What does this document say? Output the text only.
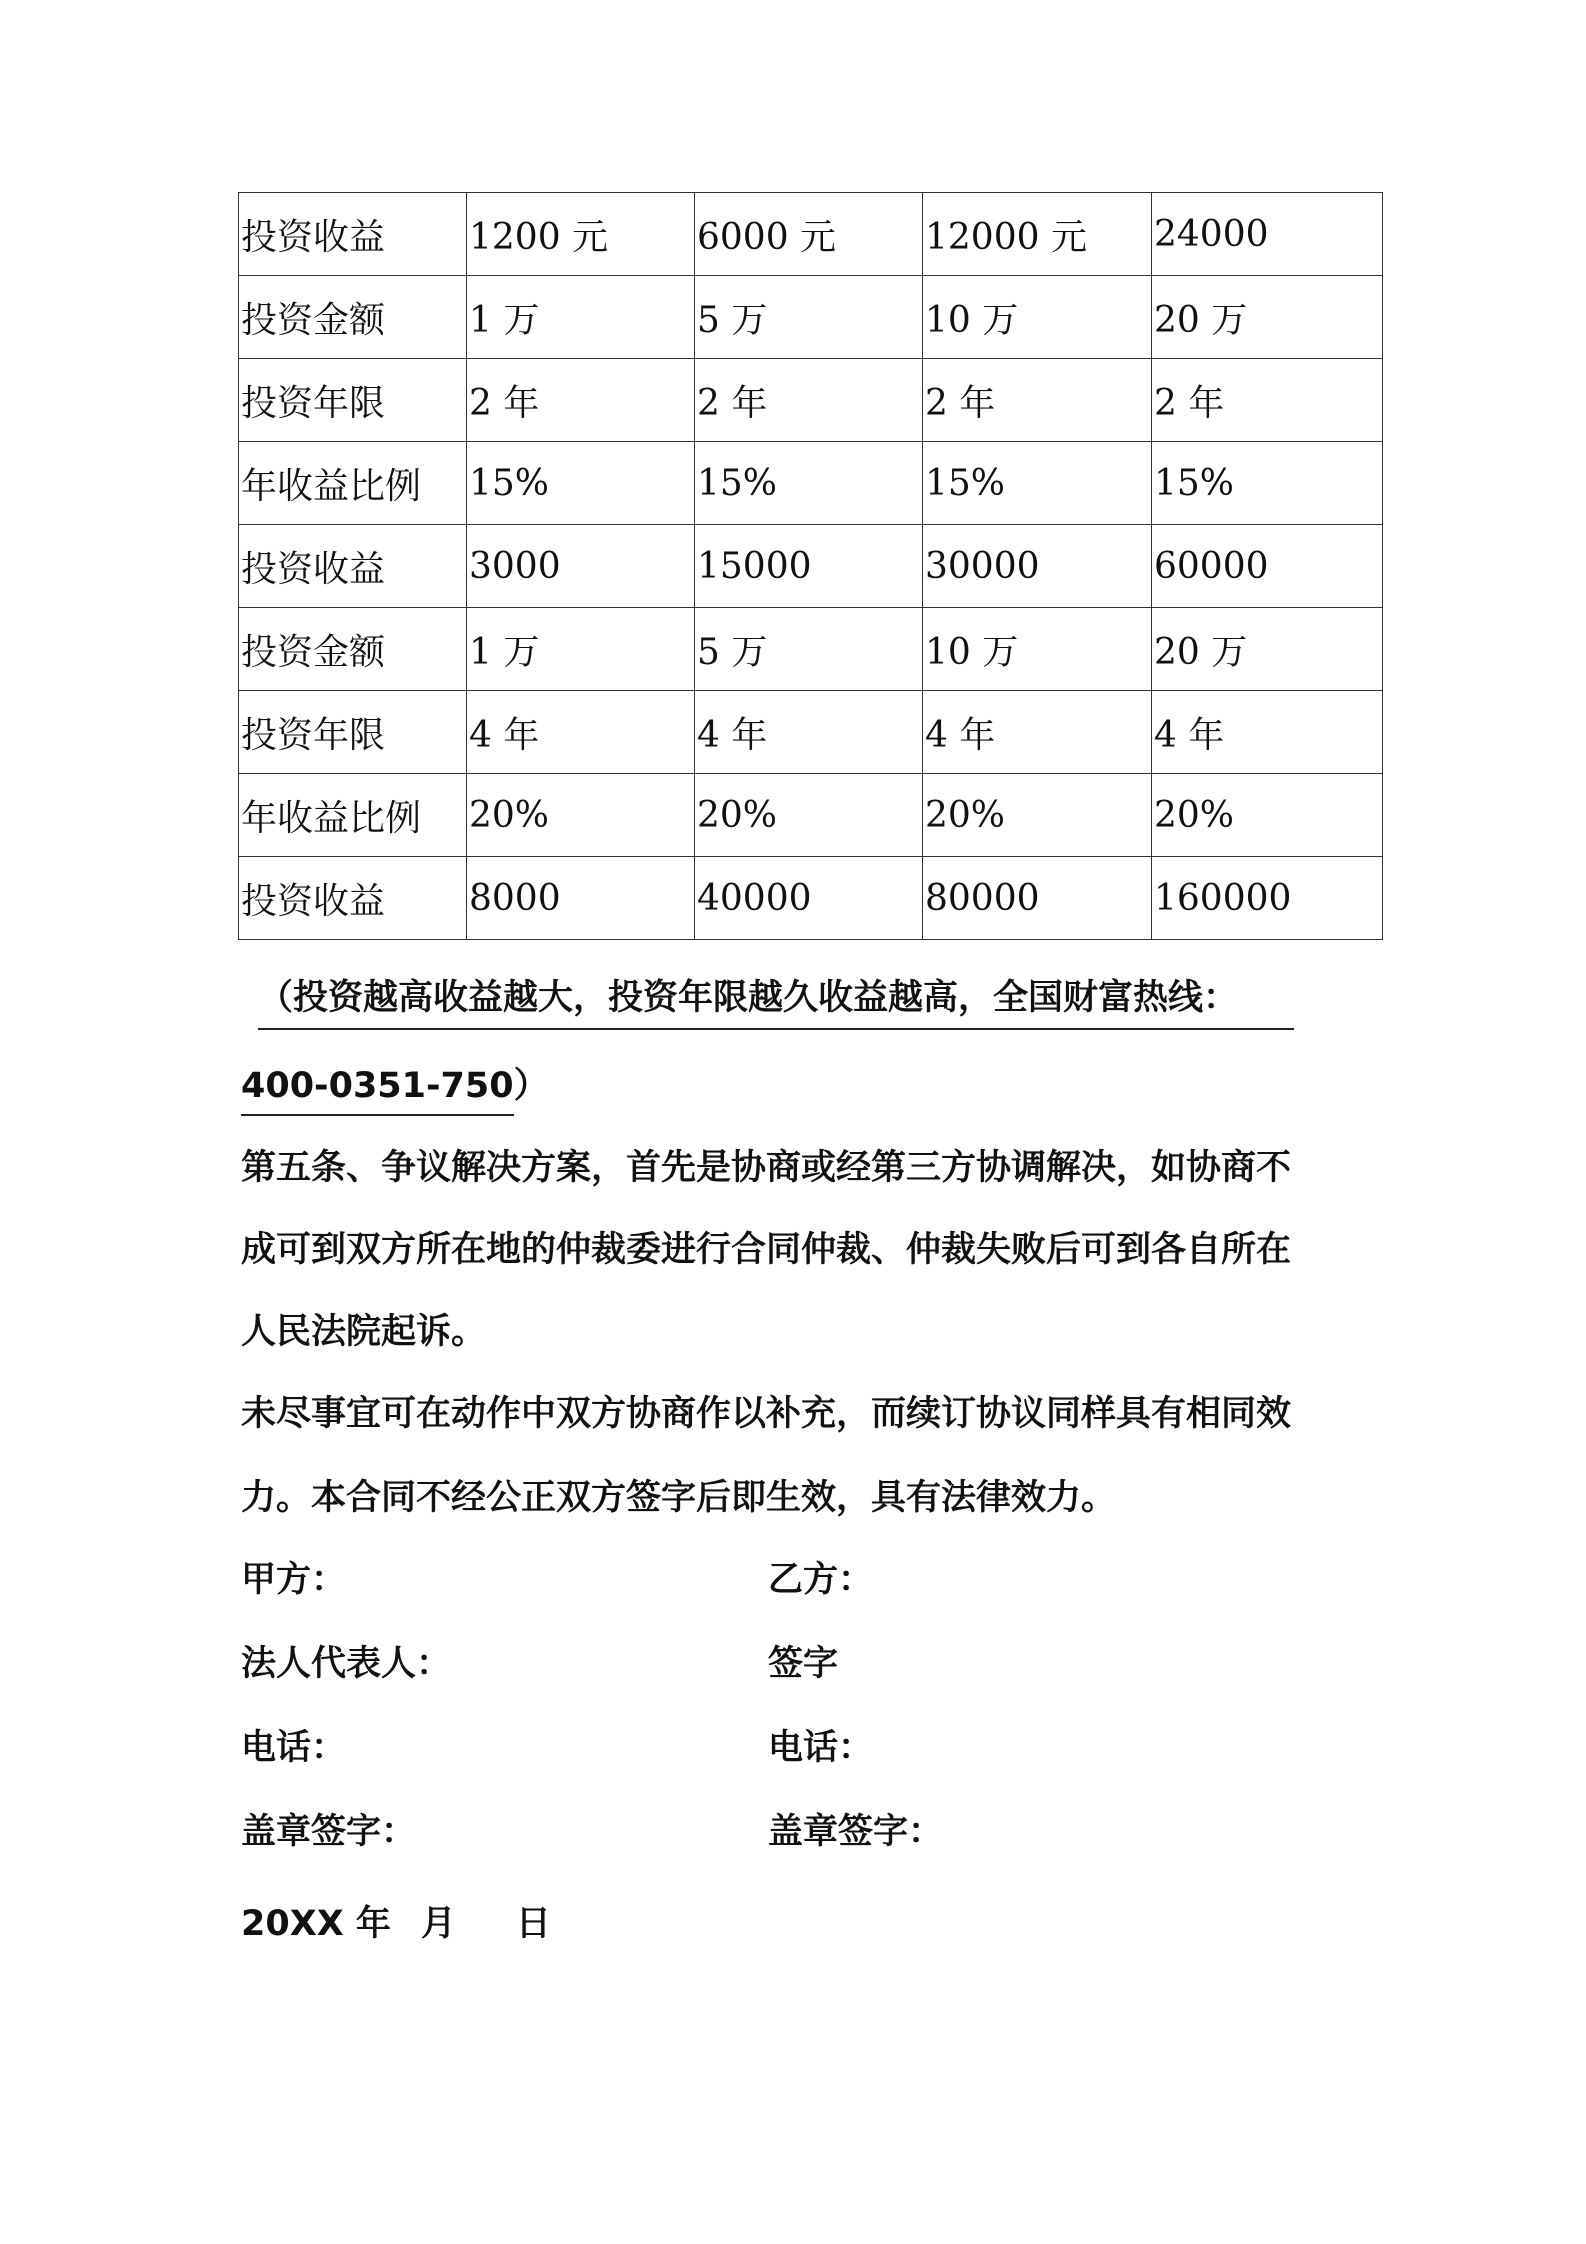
投资收益	1200 元	6000 元	12000 元	24000
投资金额	1 万	5 万	10 万	20 万
投资年限	2 年	2 年	2 年	2 年
年收益比例	15%	15%	15%	15%
投资收益	3000	15000	30000	60000
投资金额	1 万	5 万	10 万	20 万
投资年限	4 年	4 年	4 年	4 年
年收益比例	20%	20%	20%	20%
投资收益	8000	40000	80000	160000
（投资越高收益越大，投资年限越久收益越高，全国财富热线：
400-0351-750）
第五条、争议解决方案，首先是协商或经第三方协调解决，如协商不
成可到双方所在地的仲裁委进行合同仲裁、仲裁失败后可到各自所在
人民法院起诉。
未尽事宜可在动作中双方协商作以补充，而续订协议同样具有相同效
力。本合同不经公正双方签字后即生效，具有法律效力。
甲方：	乙方：
法人代表人：	签字
电话：	电话：
盖章签字：	盖章签字：
20XX 年 月 日
